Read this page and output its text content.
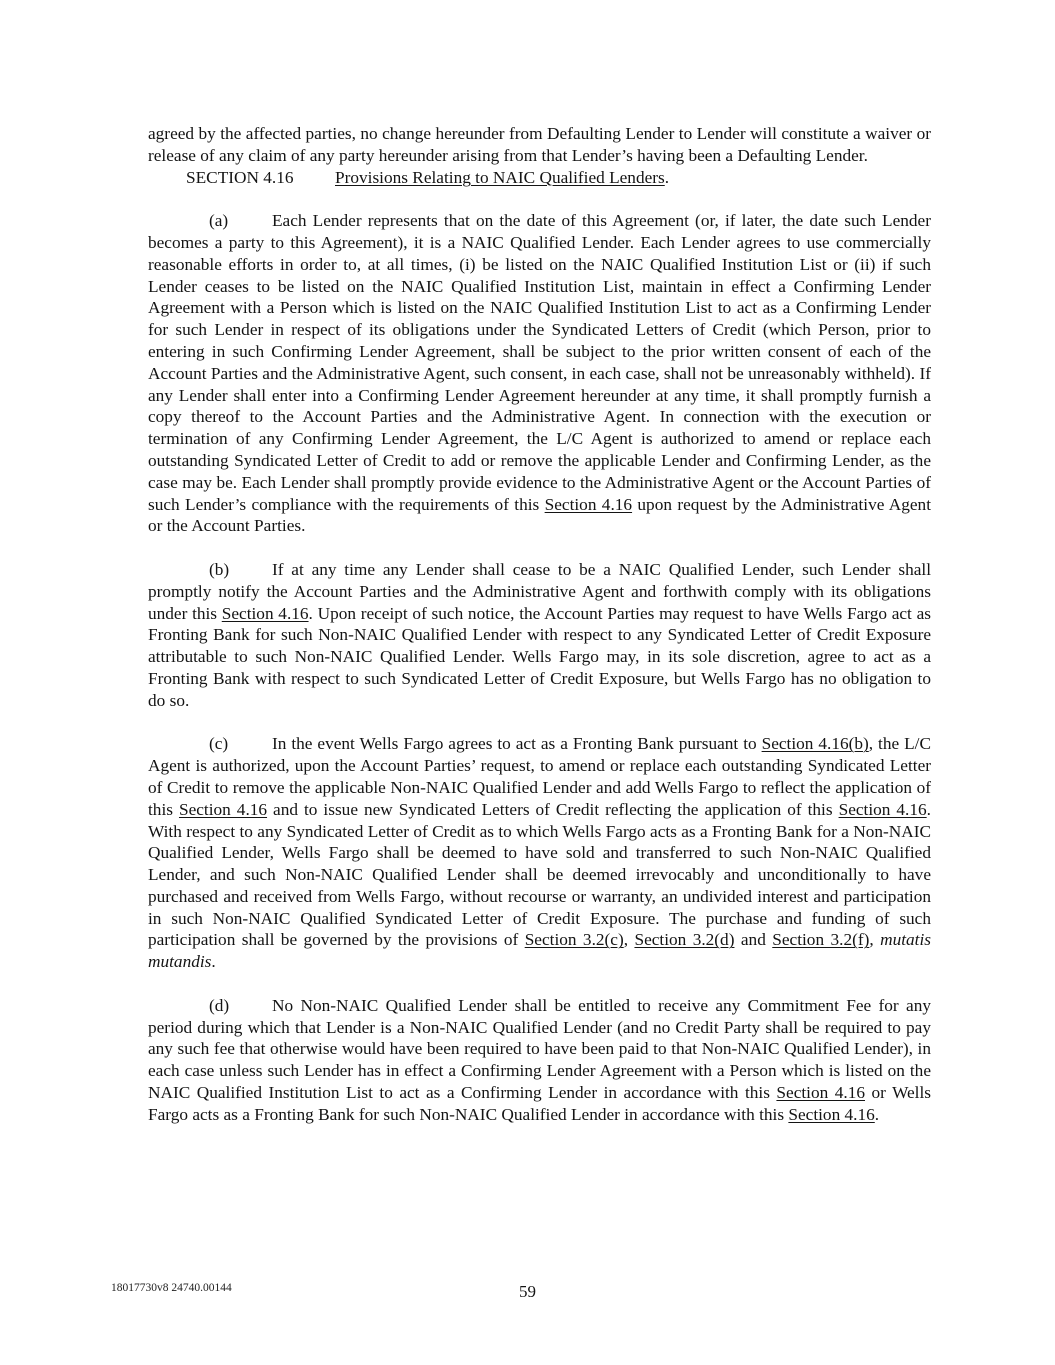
agreed by the affected parties, no change hereunder from Defaulting Lender to Lender will constitute a waiver or release of any claim of any party hereunder arising from that Lender’s having been a Defaulting Lender.

SECTION 4.16 Provisions Relating to NAIC Qualified Lenders.

(a)	Each Lender represents that on the date of this Agreement (or, if later, the date such Lender becomes a party to this Agreement), it is a NAIC Qualified Lender. Each Lender agrees to use commercially reasonable efforts in order to, at all times, (i) be listed on the NAIC Qualified Institution List or (ii) if such Lender ceases to be listed on the NAIC Qualified Institution List, maintain in effect a Confirming Lender Agreement with a Person which is listed on the NAIC Qualified Institution List to act as a Confirming Lender for such Lender in respect of its obligations under the Syndicated Letters of Credit (which Person, prior to entering in such Confirming Lender Agreement, shall be subject to the prior written consent of each of the Account Parties and the Administrative Agent, such consent, in each case, shall not be unreasonably withheld). If any Lender shall enter into a Confirming Lender Agreement hereunder at any time, it shall promptly furnish a copy thereof to the Account Parties and the Administrative Agent. In connection with the execution or termination of any Confirming Lender Agreement, the L/C Agent is authorized to amend or replace each outstanding Syndicated Letter of Credit to add or remove the applicable Lender and Confirming Lender, as the case may be. Each Lender shall promptly provide evidence to the Administrative Agent or the Account Parties of such Lender’s compliance with the requirements of this Section 4.16 upon request by the Administrative Agent or the Account Parties.

(b) If at any time any Lender shall cease to be a NAIC Qualified Lender, such Lender shall promptly notify the Account Parties and the Administrative Agent and forthwith comply with its obligations under this Section 4.16. Upon receipt of such notice, the Account Parties may request to have Wells Fargo act as Fronting Bank for such Non-NAIC Qualified Lender with respect to any Syndicated Letter of Credit Exposure attributable to such Non-NAIC Qualified Lender. Wells Fargo may, in its sole discretion, agree to act as a Fronting Bank with respect to such Syndicated Letter of Credit Exposure, but Wells Fargo has no obligation to do so.

(c)	In the event Wells Fargo agrees to act as a Fronting Bank pursuant to Section 4.16(b), the L/C Agent is authorized, upon the Account Parties’ request, to amend or replace each outstanding Syndicated Letter of Credit to remove the applicable Non-NAIC Qualified Lender and add Wells Fargo to reflect the application of this Section 4.16 and to issue new Syndicated Letters of Credit reflecting the application of this Section 4.16. With respect to any Syndicated Letter of Credit as to which Wells Fargo acts as a Fronting Bank for a Non-NAIC Qualified Lender, Wells Fargo shall be deemed to have sold and transferred to such Non-NAIC Qualified Lender, and such Non-NAIC Qualified Lender shall be deemed irrevocably and unconditionally to have purchased and received from Wells Fargo, without recourse or warranty, an undivided interest and participation in such Non-NAIC Qualified Syndicated Letter of Credit Exposure. The purchase and funding of such participation shall be governed by the provisions of Section 3.2(c), Section 3.2(d) and Section 3.2(f), mutatis mutandis.

(d) No Non-NAIC Qualified Lender shall be entitled to receive any Commitment Fee for any period during which that Lender is a Non-NAIC Qualified Lender (and no Credit Party shall be required to pay any such fee that otherwise would have been required to have been paid to that Non-NAIC Qualified Lender), in each case unless such Lender has in effect a Confirming Lender Agreement with a Person which is listed on the NAIC Qualified Institution List to act as a Confirming Lender in accordance with this Section 4.16 or Wells Fargo acts as a Fronting Bank for such Non-NAIC Qualified Lender in accordance with this Section 4.16.

18017730v8 24740.00144	59
